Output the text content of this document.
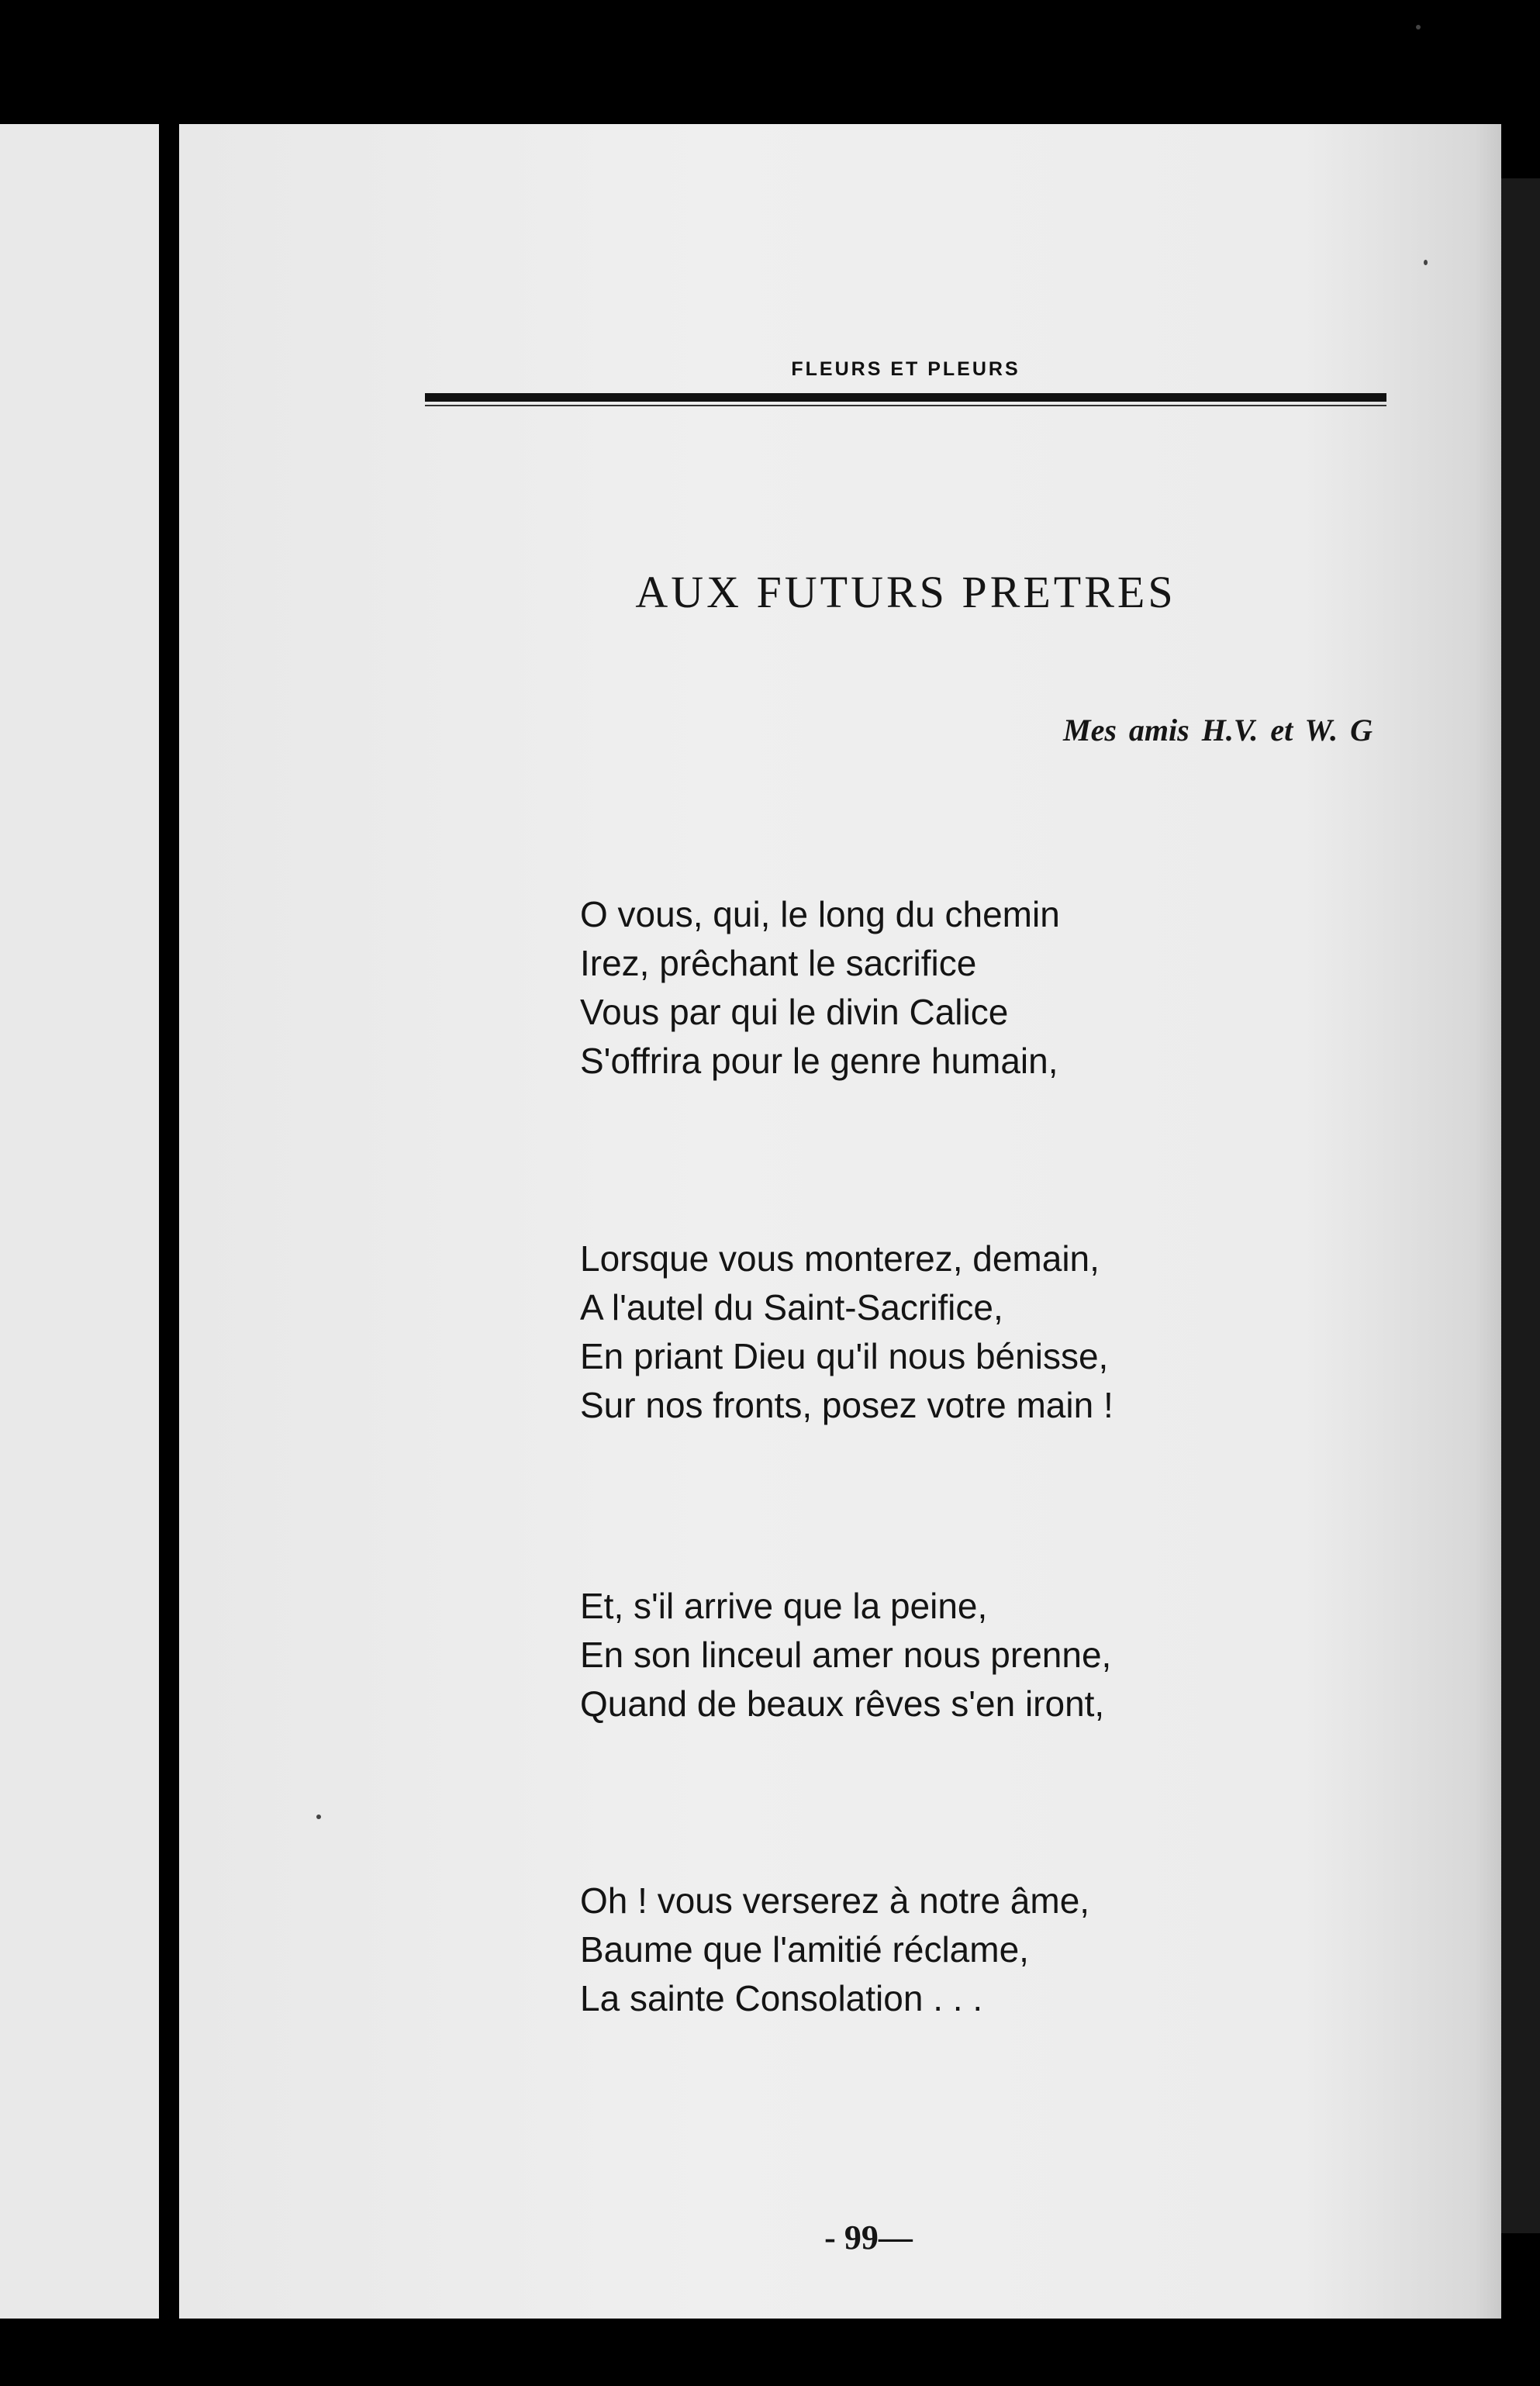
FLEURS ET PLEURS
AUX FUTURS PRETRES
Mes amis H.V. et W. G
O vous, qui, le long du chemin
Irez, prêchant le sacrifice
Vous par qui le divin Calice
S'offrira pour le genre humain,
Lorsque vous monterez, demain,
A l'autel du Saint-Sacrifice,
En priant Dieu qu'il nous bénisse,
Sur nos fronts, posez votre main !
Et, s'il arrive que la peine,
En son linceul amer nous prenne,
Quand de beaux rêves s'en iront,
Oh ! vous verserez à notre âme,
Baume que l'amitié réclame,
La sainte Consolation . . .
- 99—
